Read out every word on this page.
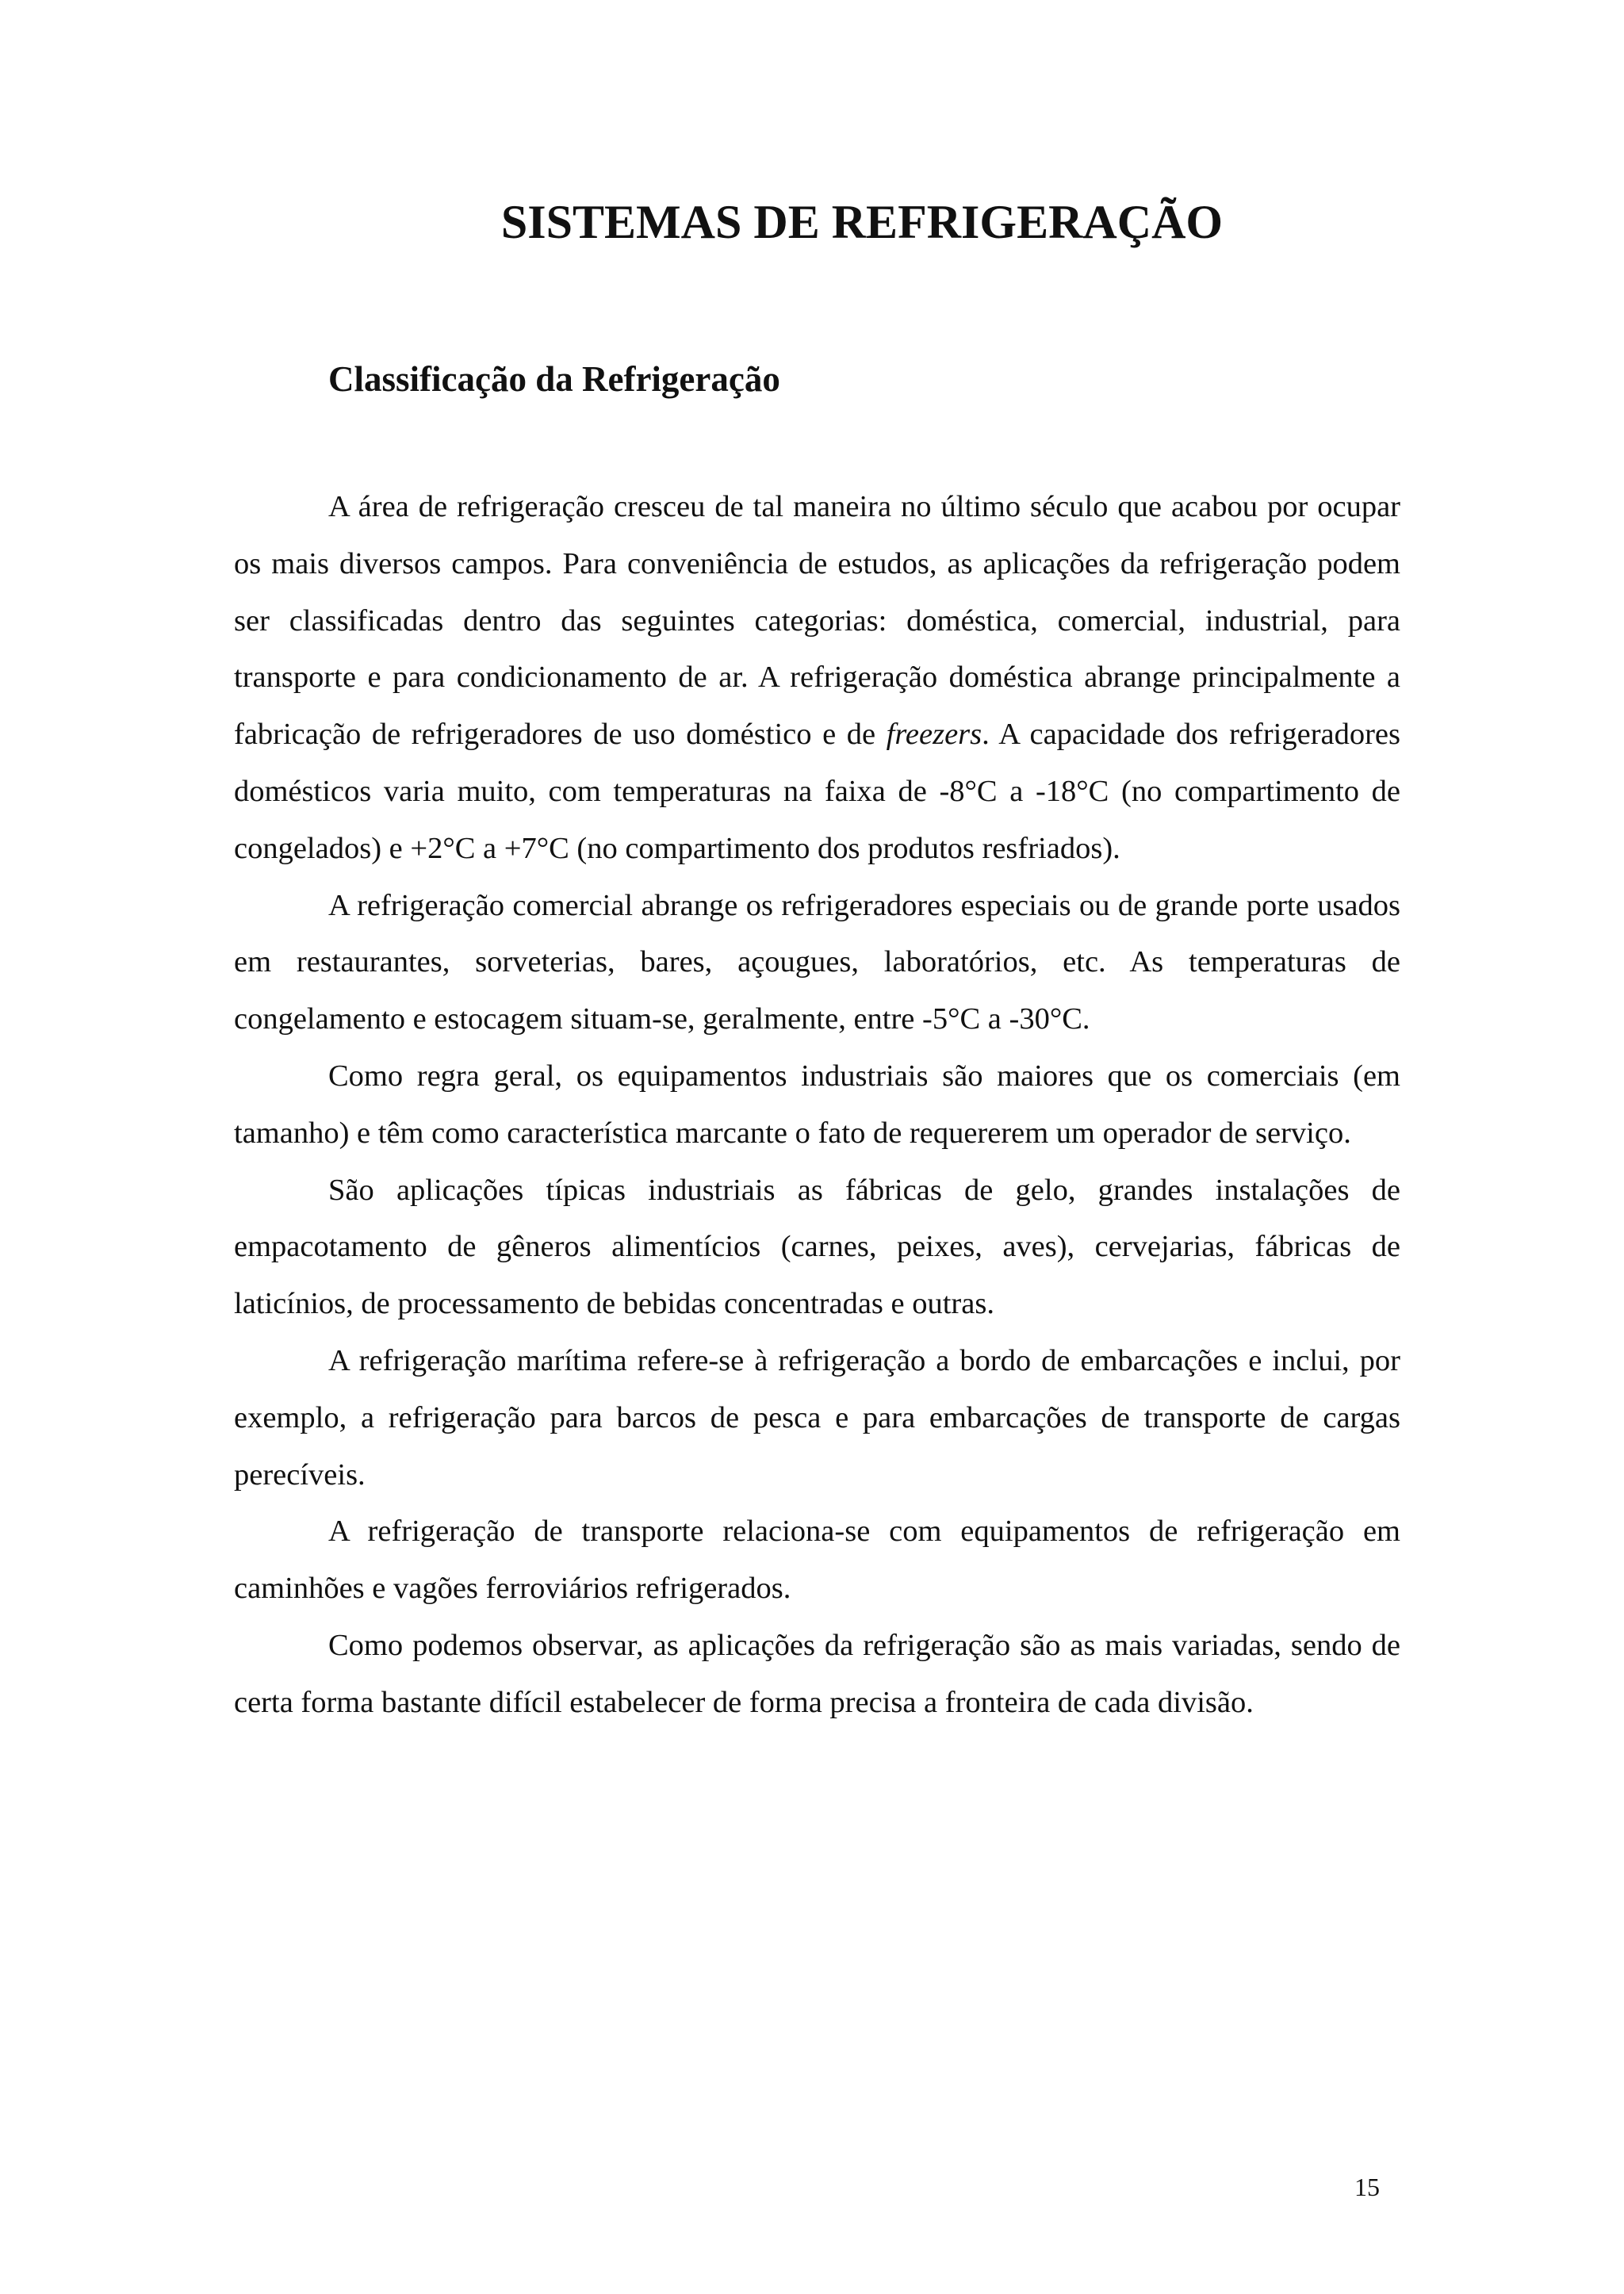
SISTEMAS DE REFRIGERAÇÃO
Classificação da Refrigeração

A área de refrigeração cresceu de tal maneira no último século que acabou por ocupar os mais diversos campos. Para conveniência de estudos, as aplicações da refrigeração podem ser classificadas dentro das seguintes categorias: doméstica, comercial, industrial, para transporte e para condicionamento de ar. A refrigeração doméstica abrange principalmente a fabricação de refrigeradores de uso doméstico e de freezers. A capacidade dos refrigeradores domésticos varia muito, com temperaturas na faixa de -8°C a -18°C (no compartimento de congelados) e +2°C a +7°C (no compartimento dos produtos resfriados).

A refrigeração comercial abrange os refrigeradores especiais ou de grande porte usados em restaurantes, sorveterias, bares, açougues, laboratórios, etc. As temperaturas de congelamento e estocagem situam-se, geralmente, entre -5°C a -30°C.

Como regra geral, os equipamentos industriais são maiores que os comerciais (em tamanho) e têm como característica marcante o fato de requererem um operador de serviço.

São aplicações típicas industriais as fábricas de gelo, grandes instalações de empacotamento de gêneros alimentícios (carnes, peixes, aves), cervejarias, fábricas de laticínios, de processamento de bebidas concentradas e outras.

A refrigeração marítima refere-se à refrigeração a bordo de embarcações e inclui, por exemplo, a refrigeração para barcos de pesca e para embarcações de transporte de cargas perecíveis.

A refrigeração de transporte relaciona-se com equipamentos de refrigeração em caminhões e vagões ferroviários refrigerados.

Como podemos observar, as aplicações da refrigeração são as mais variadas, sendo de certa forma bastante difícil estabelecer de forma precisa a fronteira de cada divisão.

15
